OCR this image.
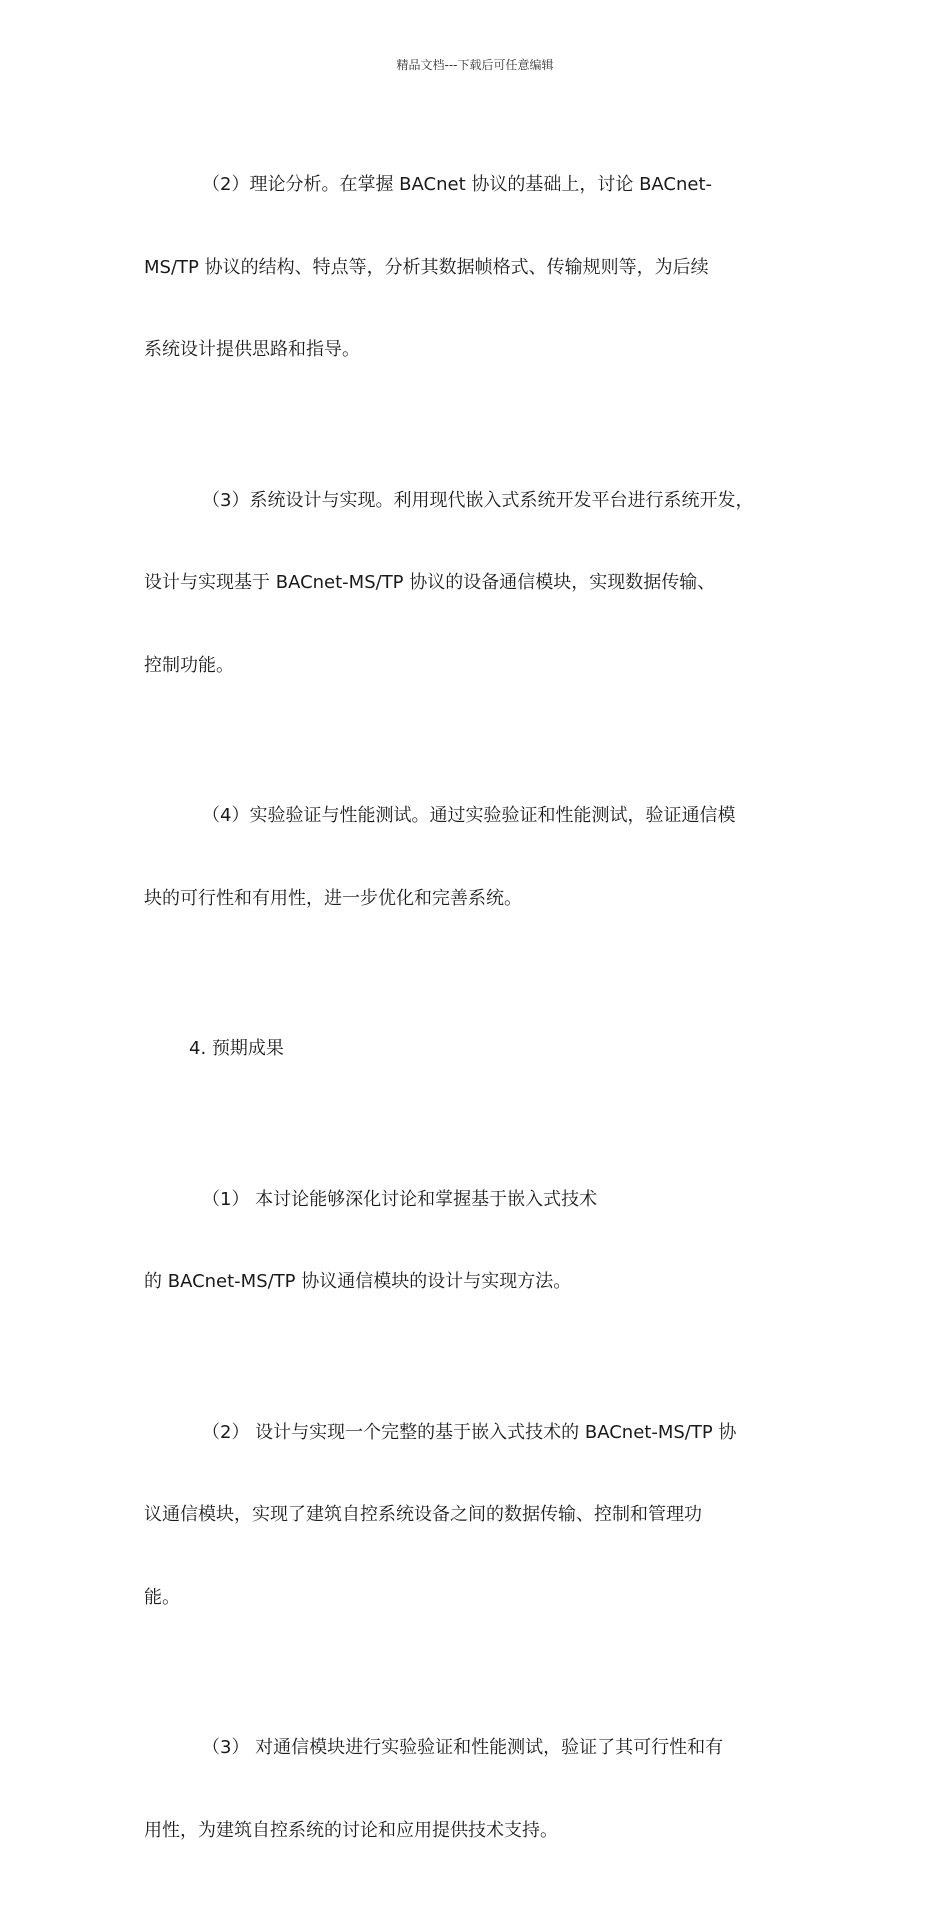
精品文档---下载后可任意编辑

（2）理论分析。在掌握 BACnet 协议的基础上，讨论 BACnet-

MS/TP 协议的结构、特点等，分析其数据帧格式、传输规则等，为后续

系统设计提供思路和指导。

（3）系统设计与实现。利用现代嵌入式系统开发平台进行系统开发，

设计与实现基于 BACnet-MS/TP 协议的设备通信模块，实现数据传输、

控制功能。

（4）实验验证与性能测试。通过实验验证和性能测试，验证通信模

块的可行性和有用性，进一步优化和完善系统。

4. 预期成果

（1） 本讨论能够深化讨论和掌握基于嵌入式技术

的 BACnet-MS/TP 协议通信模块的设计与实现方法。

（2） 设计与实现一个完整的基于嵌入式技术的 BACnet-MS/TP 协

议通信模块，实现了建筑自控系统设备之间的数据传输、控制和管理功

能。

（3） 对通信模块进行实验验证和性能测试，验证了其可行性和有

用性，为建筑自控系统的讨论和应用提供技术支持。
